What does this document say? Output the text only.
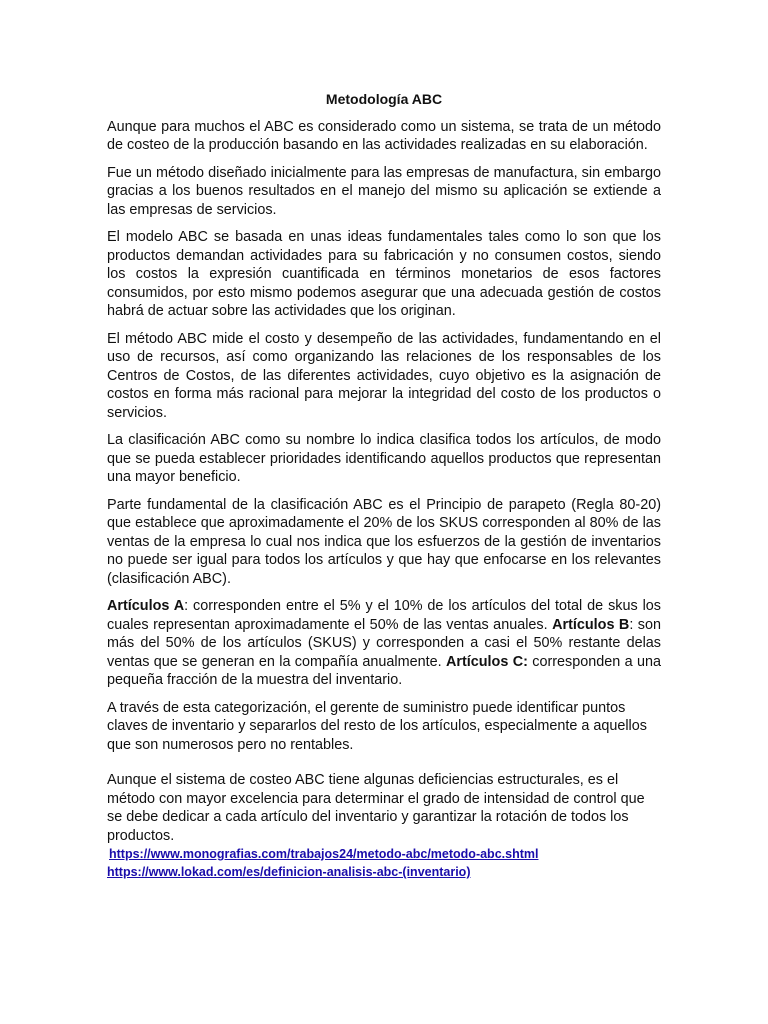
Metodología ABC

Aunque para muchos el ABC es considerado como un sistema, se trata de un método de costeo de la producción basando en las actividades realizadas en su elaboración.

Fue un método diseñado inicialmente para las empresas de manufactura, sin embargo gracias a los buenos resultados en el manejo del mismo su aplicación se extiende a las empresas de servicios.

El modelo ABC se basada en unas ideas fundamentales tales como lo son que los productos demandan actividades para su fabricación y no consumen costos, siendo los costos la expresión cuantificada en términos monetarios de esos factores consumidos, por esto mismo podemos asegurar que una adecuada gestión de costos habrá de actuar sobre las actividades que los originan.

El método ABC mide el costo y desempeño de las actividades, fundamentando en el uso de recursos, así como organizando las relaciones de los responsables de los Centros de Costos, de las diferentes actividades, cuyo objetivo es la asignación de costos en forma más racional para mejorar la integridad del costo de los productos o servicios.

La clasificación ABC como su nombre lo indica clasifica todos los artículos, de modo que se pueda establecer prioridades identificando aquellos productos que representan una mayor beneficio.

Parte fundamental de la clasificación ABC es el Principio de parapeto (Regla 80-20) que establece que aproximadamente el 20% de los SKUS corresponden al 80% de las ventas de la empresa lo cual nos indica que los esfuerzos de la gestión de inventarios no puede ser igual para todos los artículos y que hay que enfocarse en los relevantes (clasificación ABC).

Artículos A: corresponden entre el 5% y el 10% de los artículos del total de skus los cuales representan aproximadamente el 50% de las ventas anuales. Artículos B: son más del 50% de los artículos (SKUS) y corresponden a casi el 50% restante delas ventas que se generan en la compañía anualmente. Artículos C: corresponden a una pequeña fracción de la muestra del inventario.

A través de esta categorización, el gerente de suministro puede identificar puntos claves de inventario y separarlos del resto de los artículos, especialmente a aquellos que son numerosos pero no rentables.

Aunque el sistema de costeo ABC tiene algunas deficiencias estructurales, es el método con mayor excelencia para determinar el grado de intensidad de control que se debe dedicar a cada artículo del inventario y garantizar la rotación de todos los productos.

https://www.monografias.com/trabajos24/metodo-abc/metodo-abc.shtml
https://www.lokad.com/es/definicion-analisis-abc-(inventario)
